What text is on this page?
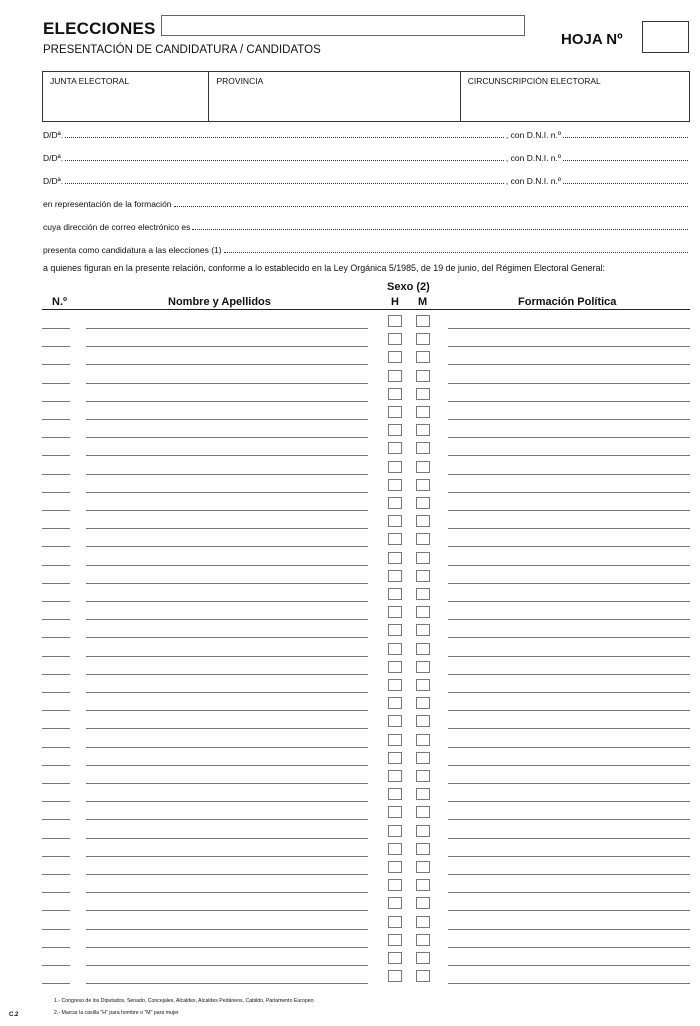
ELECCIONES
PRESENTACIÓN DE CANDIDATURA / CANDIDATOS
HOJA Nº
JUNTA ELECTORAL	PROVINCIA	CIRCUNSCRIPCIÓN ELECTORAL
D/Dª.	, con D.N.I. n.º
D/Dª.	, con D.N.I. n.º
D/Dª.	, con D.N.I. n.º
en representación de la formación
cuya dirección de correo electrónico es
presenta como candidatura a las elecciones (1)
a quienes figuran en la presente relación, conforme a lo establecido en la Ley Orgánica 5/1985, de 19 de junio, del Régimen Electoral General:
Sexo (2)
N.º	Nombre y Apellidos	H M	Formación Política
1.- Congreso de los Diputados, Senado, Concejales, Alcaldes, Alcaldes Pedáneos, Cabildo, Parlamento Europeo
2.- Marcar la casilla "H" para hombre o "M" para mujer
C.2
